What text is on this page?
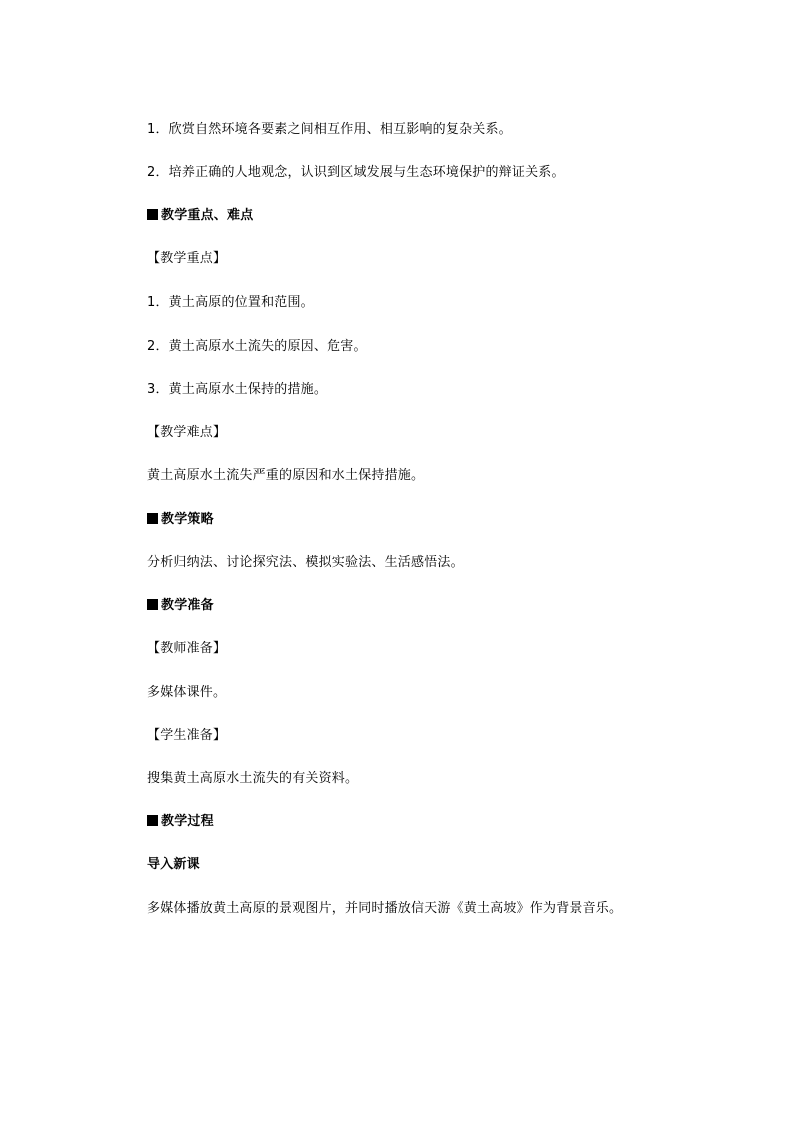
1．欣赏自然环境各要素之间相互作用、相互影响的复杂关系。
2．培养正确的人地观念，认识到区域发展与生态环境保护的辩证关系。
教学重点、难点
【教学重点】
1．黄土高原的位置和范围。
2．黄土高原水土流失的原因、危害。
3．黄土高原水土保持的措施。
【教学难点】
黄土高原水土流失严重的原因和水土保持措施。
教学策略
分析归纳法、讨论探究法、模拟实验法、生活感悟法。
教学准备
【教师准备】
多媒体课件。
【学生准备】
搜集黄土高原水土流失的有关资料。
教学过程
导入新课
多媒体播放黄土高原的景观图片，并同时播放信天游《黄土高坡》作为背景音乐。
